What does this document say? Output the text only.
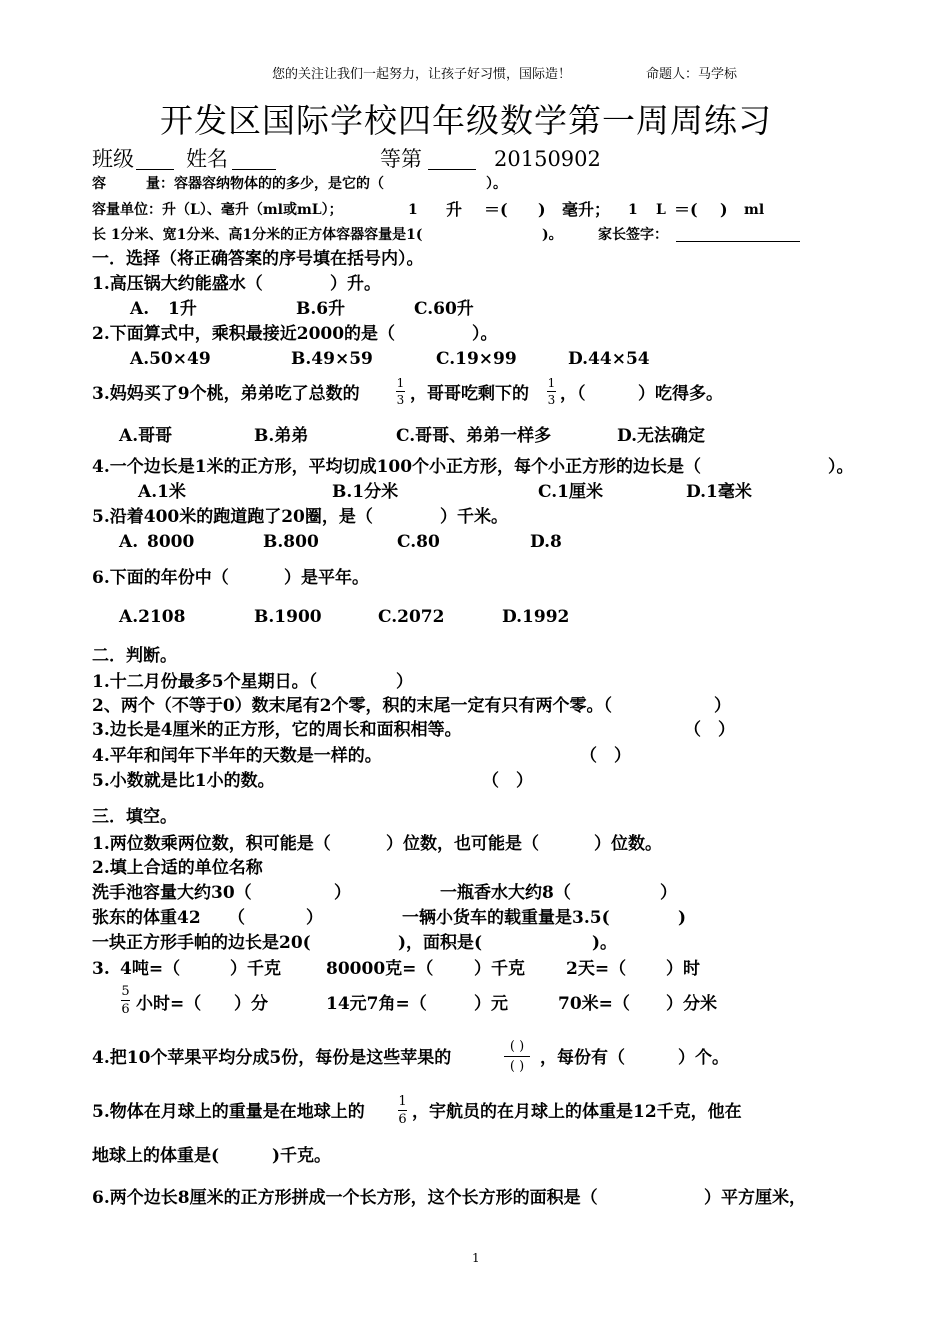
您的关注让我们一起努力，让孩子好习惯，国际造！	命题人：马学标
开发区国际学校四年级数学第一周周练习
班级 姓名	等第	20150902
容	量：容器容纳物体的的多少，是它的（	）。
容量单位：升（L）、毫升（ml或mL）；	1 升 ＝( ) 毫升； 1 L ＝( ) ml
长 1分米、宽1分米、高1分米的正方体容器容量是1(	)。	家长签字：
一．选择（将正确答案的序号填在括号内）。
1.高压锅大约能盛水（	）升。
A. 1升	B.6升	C.60升
2.下面算式中，乘积最接近2000的是（	）。
A.50×49	B.49×59	C.19×99	D.44×54
3.妈妈买了9个桃，弟弟吃了总数的
1
3 ，哥哥吃剩下的
1
3 ，（	）吃得多。
A.哥哥	B.弟弟	C.哥哥、弟弟一样多	D.无法确定
4.一个边长是1米的正方形，平均切成100个小正方形，每个小正方形的边长是（	）。
A.1米	B.1分米	C.1厘米	D.1毫米
5.沿着400米的跑道跑了20圈，是（	）千米。
A. 8000	B.800	C.80	D.8
6.下面的年份中（	）是平年。
A.2108	B.1900	C.2072	D.1992
二．判断。
1.十二月份最多5个星期日。（	）
2、两个（不等于0）数末尾有2个零，积的末尾一定有只有两个零。（	）
3.边长是4厘米的正方形，它的周长和面积相等。	（ ）
4.平年和闰年下半年的天数是一样的。	（ ）
5.小数就是比1小的数。	（ ）
三．填空。
1.两位数乘两位数，积可能是（	）位数，也可能是（	）位数。
2.填上合适的单位名称
洗手池容量大约30（	）	一瓶香水大约8（	）
张东的体重42 （	）	一辆小货车的载重量是3.5(	)
一块正方形手帕的边长是20(	)，面积是(	)。
3. 4吨=（	）千克	80000克=（ ）千克 2天=（ ）时
5
6 小时=（ ）分	14元7角=（	）元	70米=（ ）分米
4.把10个苹果平均分成5份，每份是这些苹果的
( )
( ) ，每份有（	）个。
5.物体在月球上的重量是在地球上的
1
6 ，宇航员的在月球上的体重是12千克，他在
地球上的体重是(	)千克。
6.两个边长8厘米的正方形拼成一个长方形，这个长方形的面积是（	）平方厘米，
1
